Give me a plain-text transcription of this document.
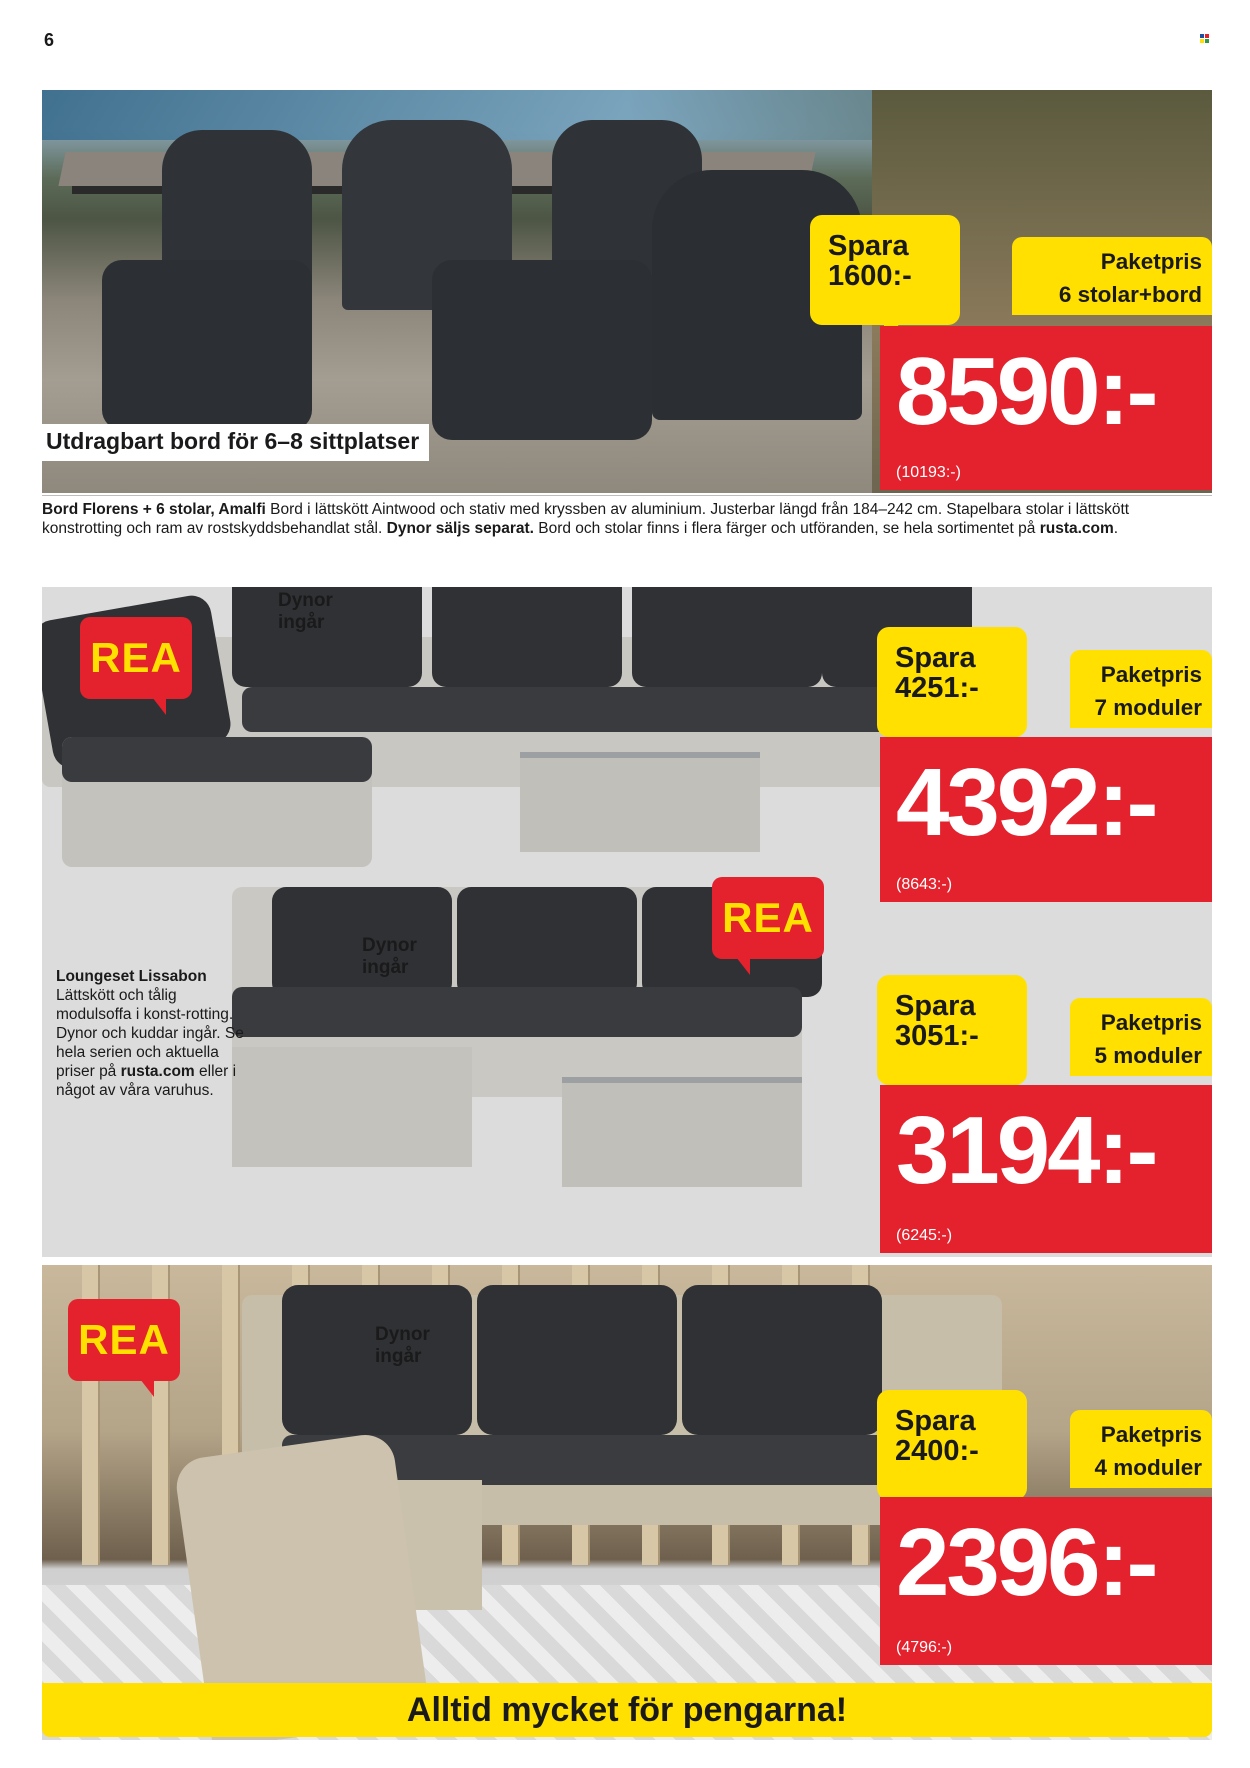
6
Utdragbart bord för 6–8 sittplatser
Spara
1600:-	Paketpris
6 stolar+bord
8590:-
(10193:-)
Bord Florens + 6 stolar, Amalfi Bord i lättskött Aintwood och stativ med kryssben av aluminium. Justerbar längd från 184–242 cm. Stapelbara stolar i lättskött konstrotting och ram av rostskyddsbehandlat stål. Dynor säljs separat. Bord och stolar finns i flera färger och utföranden, se hela sortimentet på rusta.com.
REA
REA
Dynor
ingår
Dynor
ingår
Loungeset Lissabon
Lättskött och tålig modulsoffa i konst-rotting. Dynor och kuddar ingår. Se hela serien och aktuella priser på rusta.com eller i något av våra varuhus.
Spara
4251:-	Paketpris
7 moduler
4392:-
(8643:-)
Spara
3051:-	Paketpris
5 moduler
3194:-
(6245:-)
REA	Dynor
ingår
Spara
2400:-
Paketpris
4 moduler
2396:-
(4796:-)
Alltid mycket för pengarna!
